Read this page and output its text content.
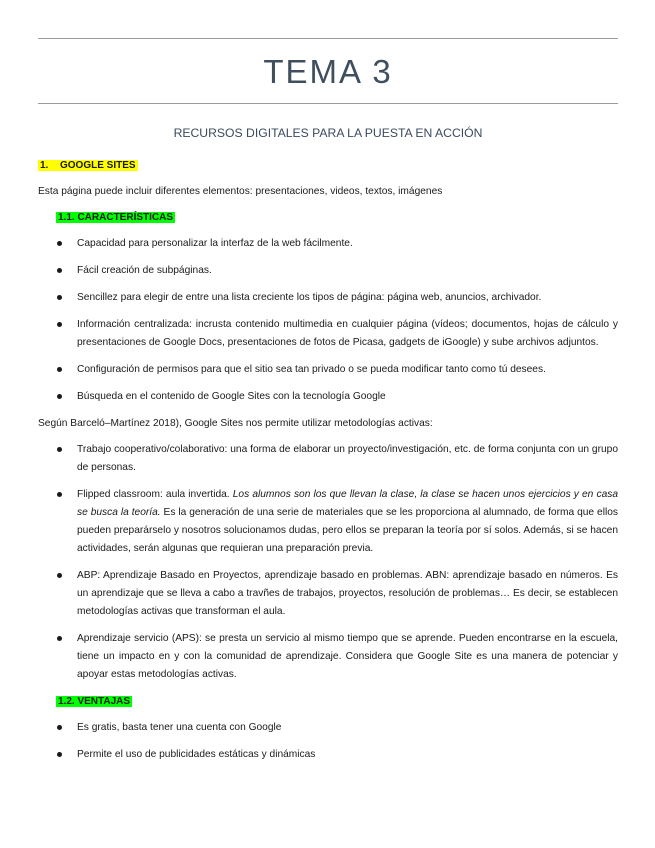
TEMA 3
RECURSOS DIGITALES PARA LA PUESTA EN ACCIÓN
1. GOOGLE SITES

Esta página puede incluir diferentes elementos: presentaciones, videos, textos, imágenes

1.1. CARACTERÍSTICAS
Capacidad para personalizar la interfaz de la web fácilmente.
Fácil creación de subpáginas.
Sencillez para elegir de entre una lista creciente los tipos de página: página web, anuncios, archivador.
Información centralizada: incrusta contenido multimedia en cualquier página (vídeos; documentos, hojas de cálculo y presentaciones de Google Docs, presentaciones de fotos de Picasa, gadgets de iGoogle) y sube archivos adjuntos.
Configuración de permisos para que el sitio sea tan privado o se pueda modificar tanto como tú desees.
Búsqueda en el contenido de Google Sites con la tecnología Google

Según Barceló–Martínez 2018), Google Sites nos permite utilizar metodologías activas:

Trabajo cooperativo/colaborativo: una forma de elaborar un proyecto/investigación, etc. de forma conjunta con un grupo de personas.
Flipped classroom: aula invertida. Los alumnos son los que llevan la clase, la clase se hacen unos ejercicios y en casa se busca la teoría. Es la generación de una serie de materiales que se les proporciona al alumnado, de forma que ellos pueden preparárselo y nosotros solucionamos dudas, pero ellos se preparan la teoría por sí solos. Además, si se hacen actividades, serán algunas que requieran una preparación previa.
ABP: Aprendizaje Basado en Proyectos, aprendizaje basado en problemas. ABN: aprendizaje basado en números. Es un aprendizaje que se lleva a cabo a travñes de trabajos, proyectos, resolución de problemas… Es decir, se establecen metodologías activas que transforman el aula.
Aprendizaje servicio (APS): se presta un servicio al mismo tiempo que se aprende. Pueden encontrarse en la escuela, tiene un impacto en y con la comunidad de aprendizaje. Considera que Google Site es una manera de potenciar y apoyar estas metodologías activas.
1.2. VENTAJAS
Es gratis, basta tener una cuenta con Google
Permite el uso de publicidades estáticas y dinámicas
